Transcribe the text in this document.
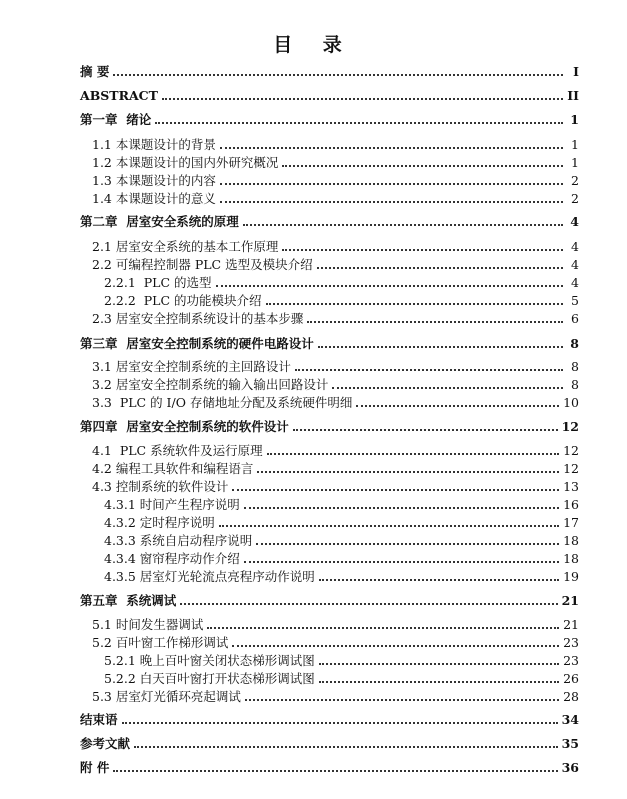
目 录
摘 要	I
ABSTRACT	II
第一章  绪论	1
1.1 本课题设计的背景	1
1.2 本课题设计的国内外研究概况	1
1.3 本课题设计的内容	2
1.4 本课题设计的意义	2
第二章  居室安全系统的原理	4
2.1 居室安全系统的基本工作原理	4
2.2 可编程控制器 PLC 选型及模块介绍	4
2.2.1  PLC 的选型	4
2.2.2  PLC 的功能模块介绍	5
2.3 居室安全控制系统设计的基本步骤	6
第三章  居室安全控制系统的硬件电路设计	8
3.1 居室安全控制系统的主回路设计	8
3.2 居室安全控制系统的输入输出回路设计	8
3.3  PLC 的 I/O 存储地址分配及系统硬件明细	10
第四章  居室安全控制系统的软件设计	12
4.1  PLC 系统软件及运行原理	12
4.2 编程工具软件和编程语言	12
4.3 控制系统的软件设计	13
4.3.1 时间产生程序说明	16
4.3.2 定时程序说明	17
4.3.3 系统自启动程序说明	18
4.3.4 窗帘程序动作介绍	18
4.3.5 居室灯光轮流点亮程序动作说明	19
第五章  系统调试	21
5.1 时间发生器调试	21
5.2 百叶窗工作梯形调试	23
5.2.1 晚上百叶窗关闭状态梯形调试图	23
5.2.2 白天百叶窗打开状态梯形调试图	26
5.3 居室灯光循环亮起调试	28
结束语	34
参考文献	35
附 件	36
